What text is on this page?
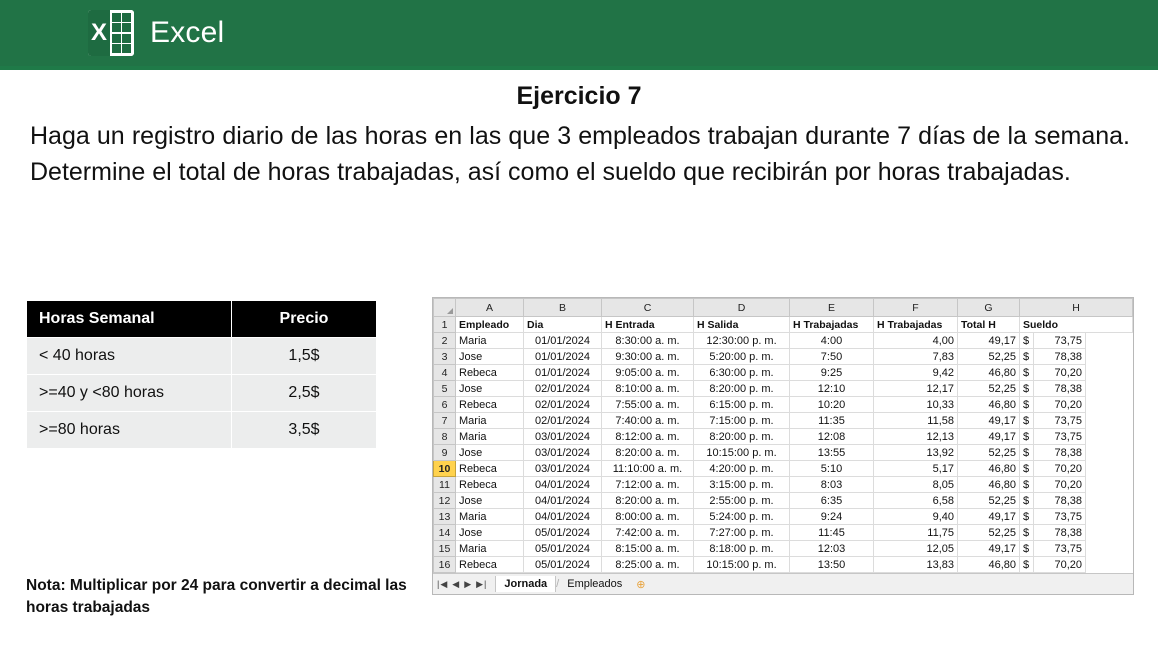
X Excel
Ejercicio 7
Haga un registro diario de las horas en las que 3 empleados trabajan durante 7 días de la semana. Determine el total de horas trabajadas, así como el sueldo que recibirán por horas trabajadas.
Horas Semanal	Precio
< 40 horas	1,5$
>=40 y <80 horas	2,5$
>=80 horas	3,5$
Nota: Multiplicar por 24 para convertir a decimal las horas trabajadas
	A	B	C	D	E	F	G	H	
1	Empleado	Dia	H Entrada	H Salida	H Trabajadas	H Trabajadas	Total H	Sueldo	
2	Maria	01/01/2024	8:30:00 a. m.	12:30:00 p. m.	4:00	4,00	49,17	$	73,75
3	Jose	01/01/2024	9:30:00 a. m.	5:20:00 p. m.	7:50	7,83	52,25	$	78,38
4	Rebeca	01/01/2024	9:05:00 a. m.	6:30:00 p. m.	9:25	9,42	46,80	$	70,20
5	Jose	02/01/2024	8:10:00 a. m.	8:20:00 p. m.	12:10	12,17	52,25	$	78,38
6	Rebeca	02/01/2024	7:55:00 a. m.	6:15:00 p. m.	10:20	10,33	46,80	$	70,20
7	Maria	02/01/2024	7:40:00 a. m.	7:15:00 p. m.	11:35	11,58	49,17	$	73,75
8	Maria	03/01/2024	8:12:00 a. m.	8:20:00 p. m.	12:08	12,13	49,17	$	73,75
9	Jose	03/01/2024	8:20:00 a. m.	10:15:00 p. m.	13:55	13,92	52,25	$	78,38
10	Rebeca	03/01/2024	11:10:00 a. m.	4:20:00 p. m.	5:10	5,17	46,80	$	70,20
11	Rebeca	04/01/2024	7:12:00 a. m.	3:15:00 p. m.	8:03	8,05	46,80	$	70,20
12	Jose	04/01/2024	8:20:00 a. m.	2:55:00 p. m.	6:35	6,58	52,25	$	78,38
13	Maria	04/01/2024	8:00:00 a. m.	5:24:00 p. m.	9:24	9,40	49,17	$	73,75
14	Jose	05/01/2024	7:42:00 a. m.	7:27:00 p. m.	11:45	11,75	52,25	$	78,38
15	Maria	05/01/2024	8:15:00 a. m.	8:18:00 p. m.	12:03	12,05	49,17	$	73,75
16	Rebeca	05/01/2024	8:25:00 a. m.	10:15:00 p. m.	13:50	13,83	46,80	$	70,20
|◀ ◀ ▶ ▶|	Jornada / Empleados	⊕
